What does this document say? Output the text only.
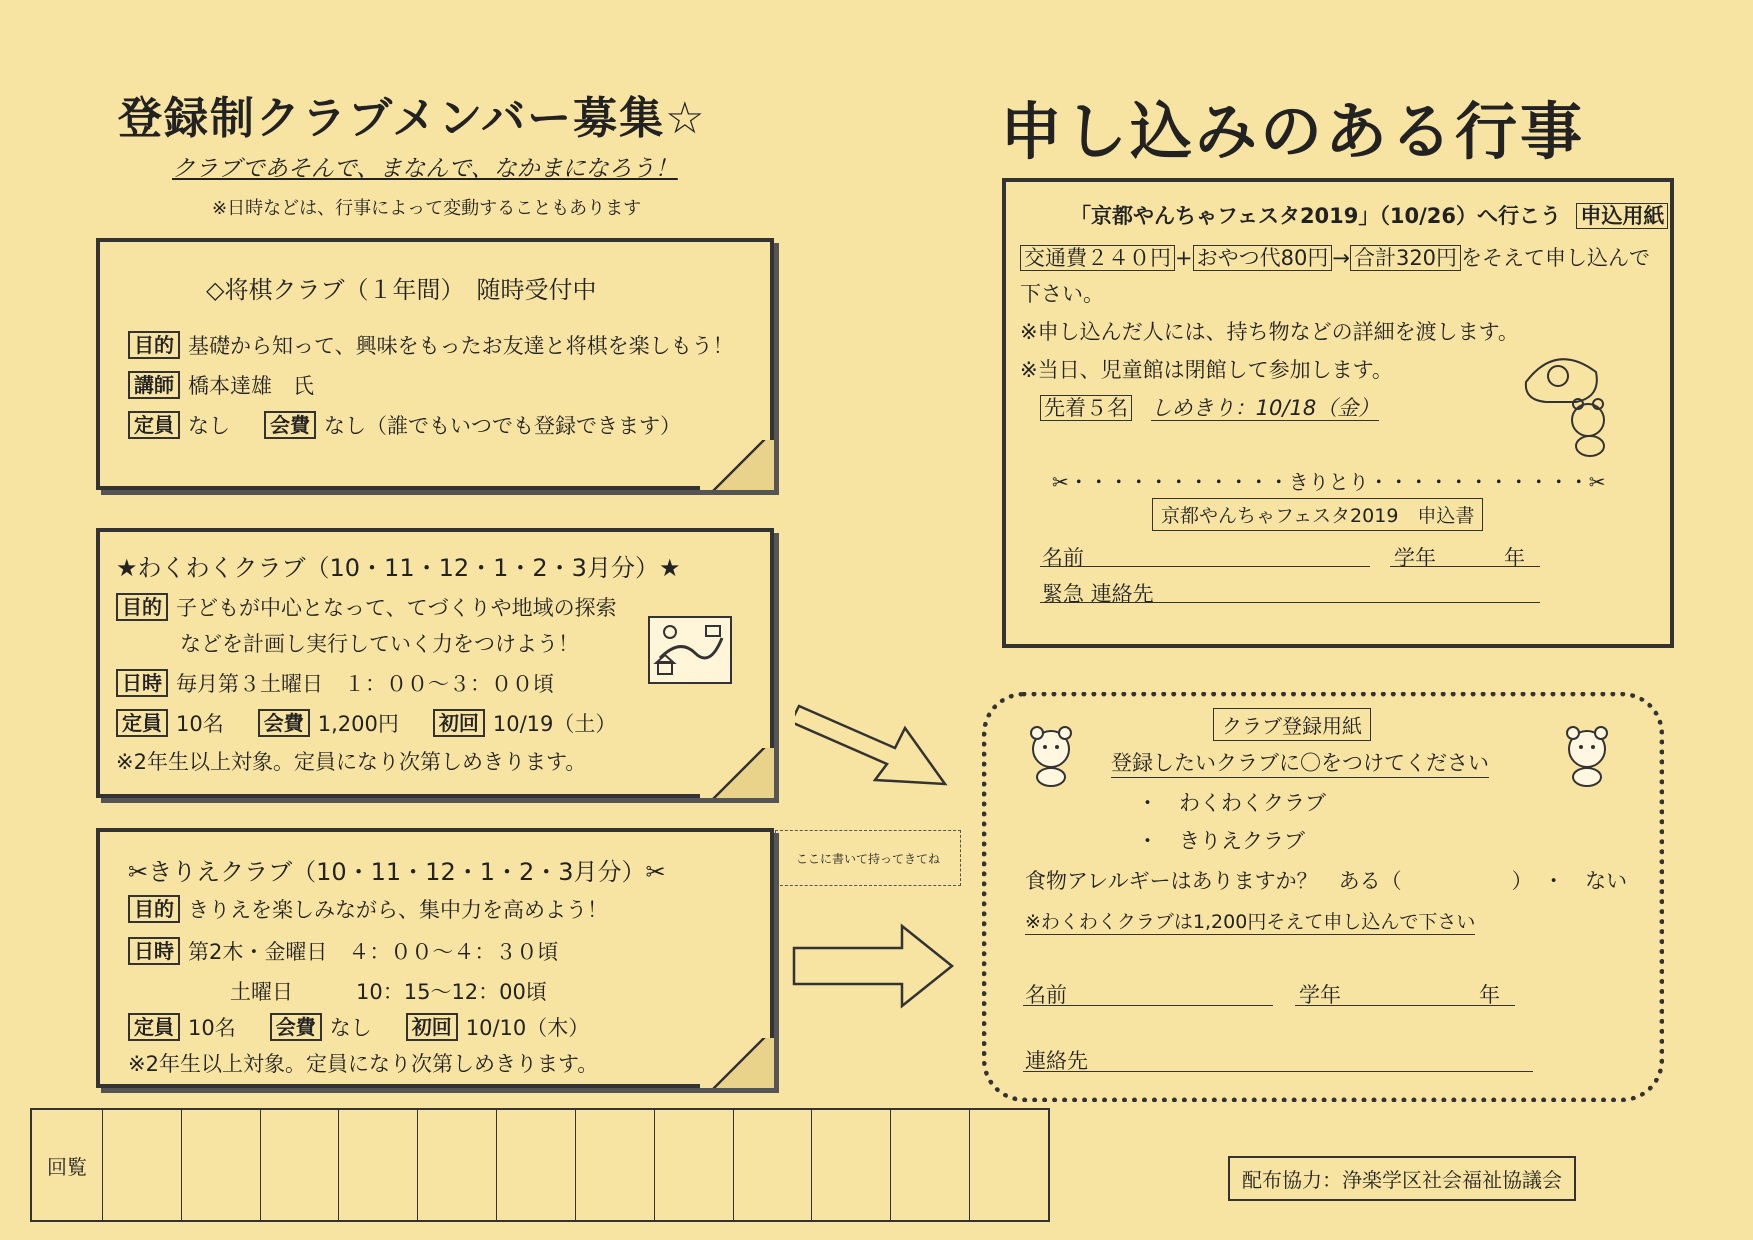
登録制クラブメンバー募集☆
クラブであそんで、まなんで、なかまになろう！
※日時などは、行事によって変動することもあります
◇将棋クラブ（１年間）　随時受付中
目的 基礎から知って、興味をもったお友達と将棋を楽しもう！
講師 橋本達雄　氏
定員 なし	会費 なし（誰でもいつでも登録できます）
★わくわくクラブ（10・11・12・1・2・3月分）★
目的 子どもが中心となって、てづくりや地域の探索
などを計画し実行していく力をつけよう！
日時 毎月第３土曜日　１：００～３：００頃
定員 10名	会費 1,200円	初回 10/19（土）
※2年生以上対象。定員になり次第しめきります。
✂きりえクラブ（10・11・12・1・2・3月分）✂
目的 きりえを楽しみながら、集中力を高めよう！
日時 第2木・金曜日　４：００～４：３０頃
土曜日　　　10：15～12：00頃
定員 10名	会費 なし	初回 10/10（木）
※2年生以上対象。定員になり次第しめきります。
ここに書いて持ってきてね
回覧
申し込みのある行事
「京都やんちゃフェスタ2019」（10/26）へ行こう 申込用紙
交通費２４０円 + おやつ代80円 → 合計320円 をそえて申し込んで
下さい。
※申し込んだ人には、持ち物などの詳細を渡します。
※当日、児童館は閉館して参加します。
先着５名 しめきり：10/18（金）
✂・・・・・・・・・・・きりとり・・・・・・・・・・・✂
京都やんちゃフェスタ2019　申込書
名前	学年	年
緊急 連絡先
登録したいクラブに〇をつけてください
・　わくわくクラブ
・　きりえクラブ
食物アレルギーはありますか？　ある（	）　・　ない
※わくわくクラブは1,200円そえて申し込んで下さい
名前	学年	年
連絡先
クラブ登録用紙
配布協力：浄楽学区社会福祉協議会
